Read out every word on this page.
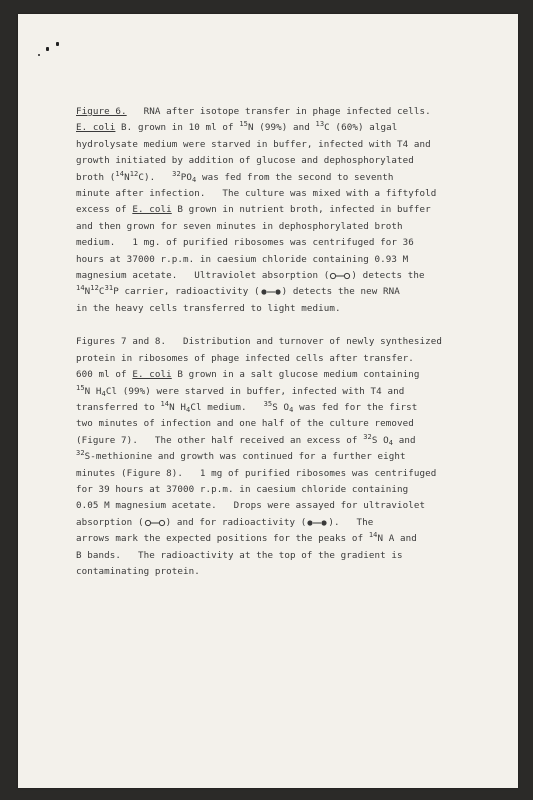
Figure 6.   RNA after isotope transfer in phage infected cells.
E. coli B. grown in 10 ml of $^{15}$N (99%) and $^{13}$C (60%) algal
hydrolysate medium were starved in buffer, infected with T4 and
growth initiated by addition of glucose and dephosphorylated
broth $(^{14}N^{12}C)$.   $^{32}PO_4$ was fed from the second to seventh
minute after infection.   The culture was mixed with a fiftyfold
excess of E. coli B grown in nutrient broth, infected in buffer
and then grown for seven minutes in dephosphorylated broth
medium.   1 mg. of purified ribosomes was centrifuged for 36
hours at 37000 r.p.m. in caesium chloride containing 0.93 M
magnesium acetate.   Ultraviolet absorption ( ) detects the
$^{14}N^{12}C^{31}P$ carrier, radioactivity ( ) detects the new RNA
in the heavy cells transferred to light medium.
Figures 7 and 8.   Distribution and turnover of newly synthesized
protein in ribosomes of phage infected cells after transfer.
600 ml of E. coli B grown in a salt glucose medium containing
$^{15}$N $H_4Cl$ (99%) were starved in buffer, infected with T4 and
transferred to $^{14}$N $H_4Cl$ medium.   $^{35}$S $O_4$ was fed for the first
two minutes of infection and one half of the culture removed
(Figure 7).   The other half received an excess of $^{32}$S $O_4$ and
$^{32}$S-methionine and growth was continued for a further eight
minutes (Figure 8).   1 mg of purified ribosomes was centrifuged
for 39 hours at 37000 r.p.m. in caesium chloride containing
0.05 M magnesium acetate.   Drops were assayed for ultraviolet
absorption ( ) and for radioactivity ( ).   The
arrows mark the expected positions for the peaks of $^{14}$N A and
B bands.   The radioactivity at the top of the gradient is
contaminating protein.
